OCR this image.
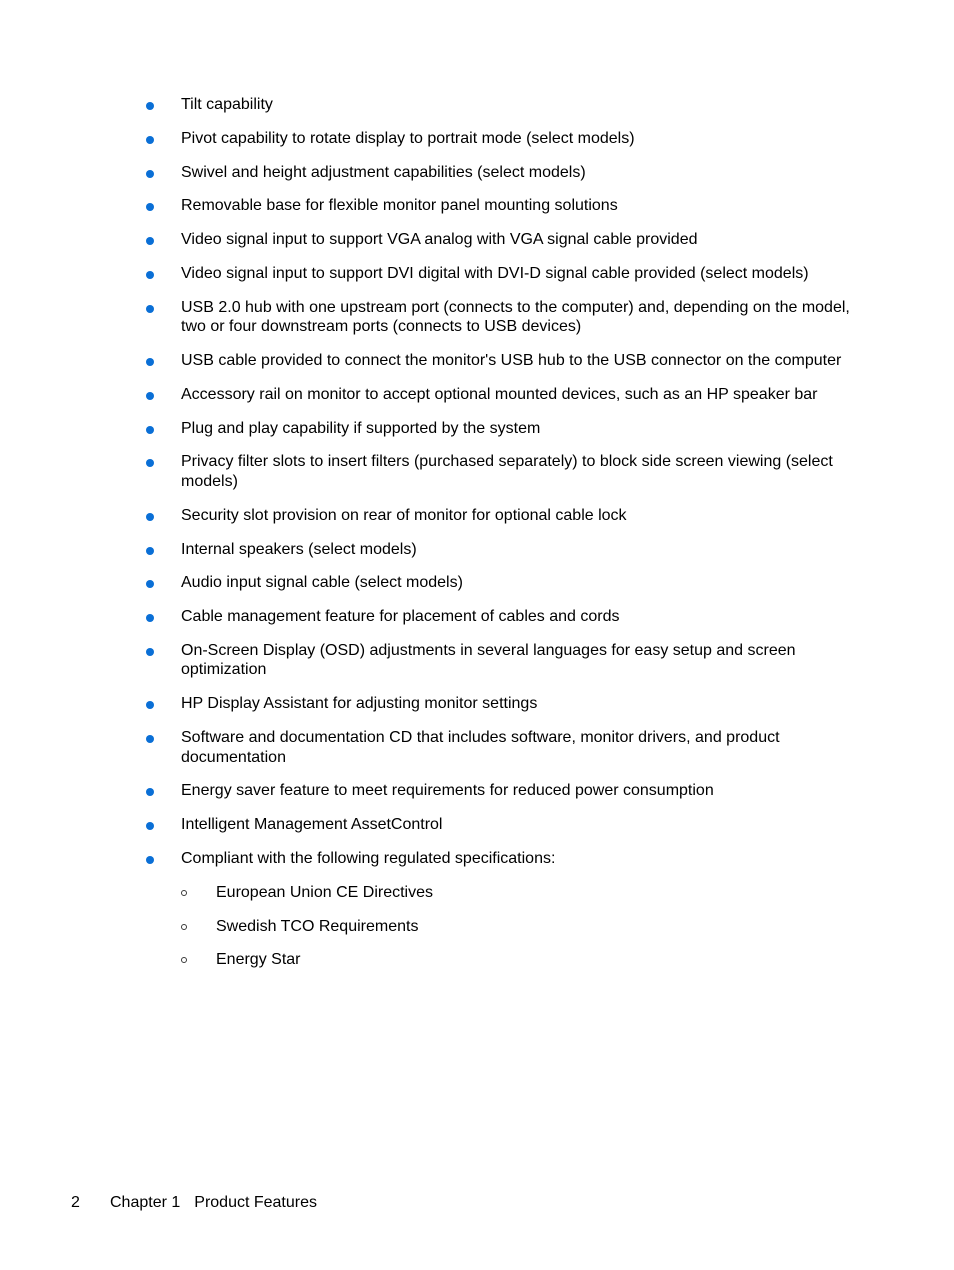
Tilt capability
Pivot capability to rotate display to portrait mode (select models)
Swivel and height adjustment capabilities (select models)
Removable base for flexible monitor panel mounting solutions
Video signal input to support VGA analog with VGA signal cable provided
Video signal input to support DVI digital with DVI-D signal cable provided (select models)
USB 2.0 hub with one upstream port (connects to the computer) and, depending on the model, two or four downstream ports (connects to USB devices)
USB cable provided to connect the monitor's USB hub to the USB connector on the computer
Accessory rail on monitor to accept optional mounted devices, such as an HP speaker bar
Plug and play capability if supported by the system
Privacy filter slots to insert filters (purchased separately) to block side screen viewing (select models)
Security slot provision on rear of monitor for optional cable lock
Internal speakers (select models)
Audio input signal cable (select models)
Cable management feature for placement of cables and cords
On-Screen Display (OSD) adjustments in several languages for easy setup and screen optimization
HP Display Assistant for adjusting monitor settings
Software and documentation CD that includes software, monitor drivers, and product documentation
Energy saver feature to meet requirements for reduced power consumption
Intelligent Management AssetControl
Compliant with the following regulated specifications:
European Union CE Directives
Swedish TCO Requirements
Energy Star
2 Chapter 1 Product Features
